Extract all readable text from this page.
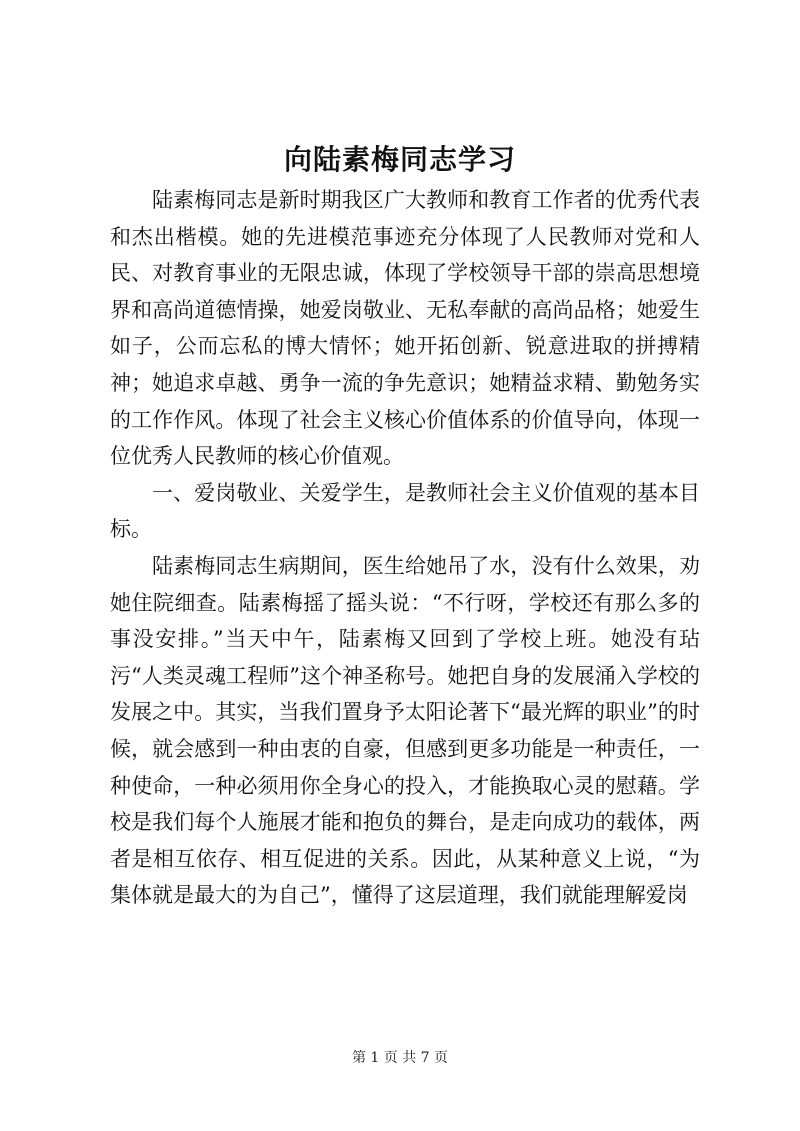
向陆素梅同志学习

陆素梅同志是新时期我区广大教师和教育工作者的优秀代表和杰出楷模。她的先进模范事迹充分体现了人民教师对党和人民、对教育事业的无限忠诚，体现了学校领导干部的崇高思想境界和高尚道德情操，她爱岗敬业、无私奉献的高尚品格；她爱生如子，公而忘私的博大情怀；她开拓创新、锐意进取的拼搏精神；她追求卓越、勇争一流的争先意识；她精益求精、勤勉务实的工作作风。体现了社会主义核心价值体系的价值导向，体现一位优秀人民教师的核心价值观。

一、爱岗敬业、关爱学生，是教师社会主义价值观的基本目标。

陆素梅同志生病期间，医生给她吊了水，没有什么效果，劝她住院细查。陆素梅摇了摇头说：“不行呀，学校还有那么多的事没安排。”当天中午，陆素梅又回到了学校上班。她没有玷污“人类灵魂工程师”这个神圣称号。她把自身的发展涌入学校的发展之中。其实，当我们置身予太阳论著下“最光辉的职业”的时候，就会感到一种由衷的自豪，但感到更多功能是一种责任，一种使命，一种必须用你全身心的投入，才能换取心灵的慰藉。学校是我们每个人施展才能和抱负的舞台，是走向成功的载体，两者是相互依存、相互促进的关系。因此，从某种意义上说，“为集体就是最大的为自己”，懂得了这层道理，我们就能理解爱岗

第 1 页 共 7 页
